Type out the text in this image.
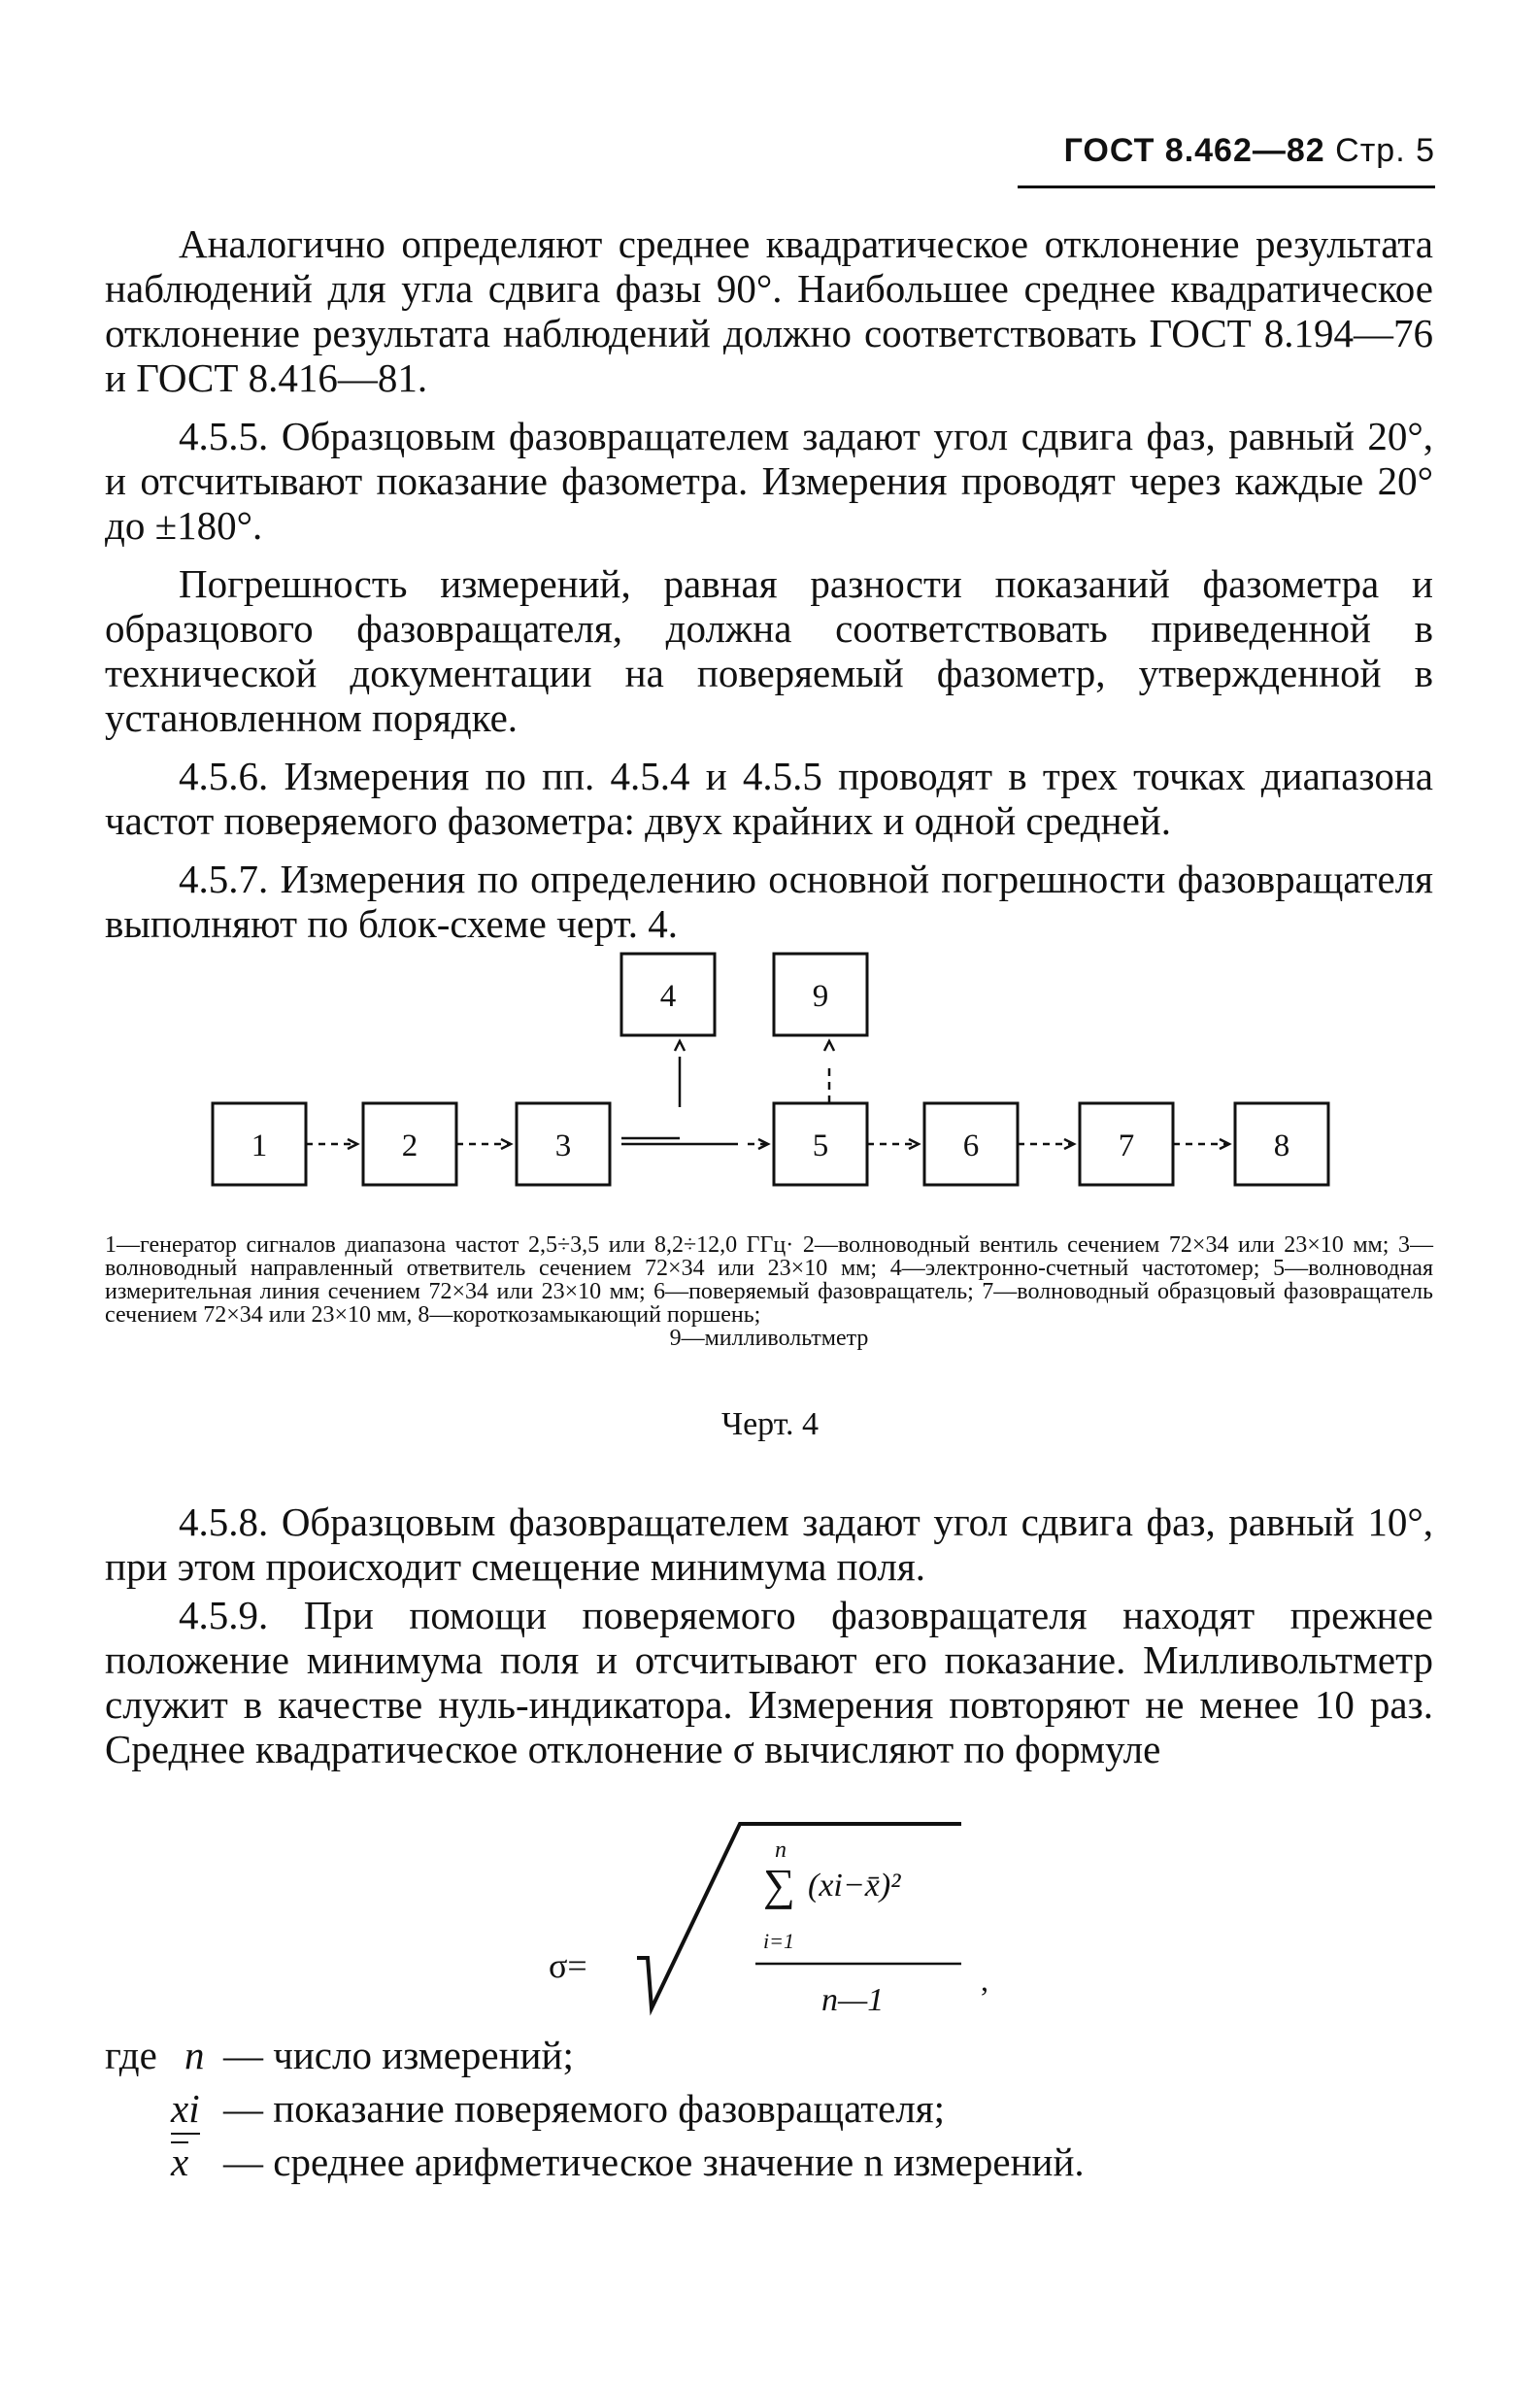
ГОСТ 8.462—82 Стр. 5

Аналогично определяют среднее квадратическое отклонение результата наблюдений для угла сдвига фазы 90°. Наибольшее среднее квадратическое отклонение результата наблюдений должно соответствовать ГОСТ 8.194—76 и ГОСТ 8.416—81.

4.5.5. Образцовым фазовращателем задают угол сдвига фаз, равный 20°, и отсчитывают показание фазометра. Измерения проводят через каждые 20° до ±180°.

Погрешность измерений, равная разности показаний фазометра и образцового фазовращателя, должна соответствовать приведенной в технической документации на поверяемый фазометр, утвержденной в установленном порядке.

4.5.6. Измерения по пп. 4.5.4 и 4.5.5 проводят в трех точках диапазона частот поверяемого фазометра: двух крайних и одной средней.

4.5.7. Измерения по определению основной погрешности фазовращателя выполняют по блок-схеме черт. 4.

1	2	3	5	6	7	8
4	9
1—генератор сигналов диапазона частот 2,5÷3,5 или 8,2÷12,0 ГГц· 2—волноводный вентиль сечением 72×34 или 23×10 мм; 3—волноводный направленный ответвитель сечением 72×34 или 23×10 мм; 4—электронно-счетный частотомер; 5—волноводная измерительная линия сечением 72×34 или 23×10 мм; 6—поверяемый фазовращатель; 7—волноводный образцовый фазовращатель сечением 72×34 или 23×10 мм, 8—короткозамыкающий поршень;
9—милливольтметр
Черт. 4

4.5.8. Образцовым фазовращателем задают угол сдвига фаз, равный 10°, при этом происходит смещение минимума поля.

4.5.9. При помощи поверяемого фазовращателя находят прежнее положение минимума поля и отсчитывают его показание. Милливольтметр служит в качестве нуль-индикатора. Измерения повторяют не менее 10 раз. Среднее квадратическое отклонение σ вычисляют по формуле

σ=
n
∑ (xi−x̄)²
i=1
n—1
,
где n — число измерений;
xi — показание поверяемого фазовращателя;
x — среднее арифметическое значение n измерений.
